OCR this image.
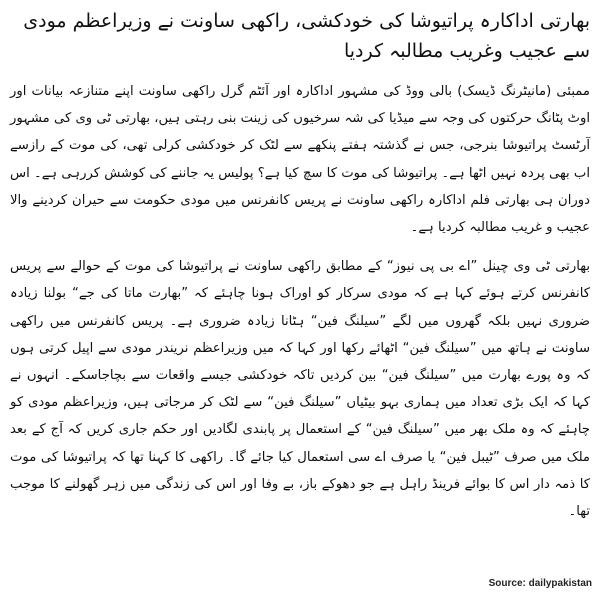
بھارتی اداکارہ پراتیوشا کی خودکشی، راکھی ساونت نے وزیراعظم مودی سے عجیب وغریب مطالبہ کردیا

ممبئی (مانیٹرنگ ڈیسک) بالی ووڈ کی مشہور اداکارہ اور آئٹم گرل راکھی ساونت اپنے متنازعہ بیانات اور اوٹ پٹانگ حرکتوں کی وجہ سے میڈیا کی شہ سرخیوں کی زینت بنی رہتی ہیں، بھارتی ٹی وی کی مشہور آرٹسٹ پراتیوشا بنرجی، جس نے گذشتہ ہفتے پنکھے سے لٹک کر خودکشی کرلی تھی، کی موت کے رازسے اب بھی پردہ نہیں اٹھا ہے۔ پراتیوشا کی موت کا سچ کیا ہے؟ پولیس یہ جاننے کی کوشش کررہی ہے۔ اس دوران ہی بھارتی فلم اداکارہ راکھی ساونت نے پریس کانفرنس میں مودی حکومت سے حیران کردینے والا عجیب و غریب مطالبہ کردیا ہے۔

بھارتی ٹی وی چینل ”اے بی پی نیوز“ کے مطابق راکھی ساونت نے پراتیوشا کی موت کے حوالے سے پریس کانفرنس کرتے ہوئے کہا ہے کہ مودی سرکار کو اوراک ہونا چاہئے کہ ”بھارت ماتا کی جے“ بولنا زیادہ ضروری نہیں بلکہ گھروں میں لگے ”سیلنگ فین“ ہٹانا زیادہ ضروری ہے۔ پریس کانفرنس میں راکھی ساونت نے ہاتھ میں ”سیلنگ فین“ اٹھائے رکھا اور کہا کہ میں وزیراعظم نریندر مودی سے اپیل کرتی ہوں کہ وہ پورے بھارت میں ”سیلنگ فین“ بین کردیں تاکہ خودکشی جیسے واقعات سے بچاجاسکے۔ انہوں نے کہا کہ ایک بڑی تعداد میں ہماری بہو بیٹیاں ”سیلنگ فین“ سے لٹک کر مرجاتی ہیں، وزیراعظم مودی کو چاہئے کہ وہ ملک بھر میں ”سیلنگ فین“ کے استعمال پر پابندی لگادیں اور حکم جاری کریں کہ آج کے بعد ملک میں صرف ”ٹیبل فین“ یا صرف اے سی استعمال کیا جائے گا۔ راکھی کا کہنا تھا کہ پراتیوشا کی موت کا ذمہ دار اس کا بوائے فرینڈ راہل ہے جو دھوکے باز، بے وفا اور اس کی زندگی میں زہر گھولنے کا موجب تھا۔

Source: dailypakistan
